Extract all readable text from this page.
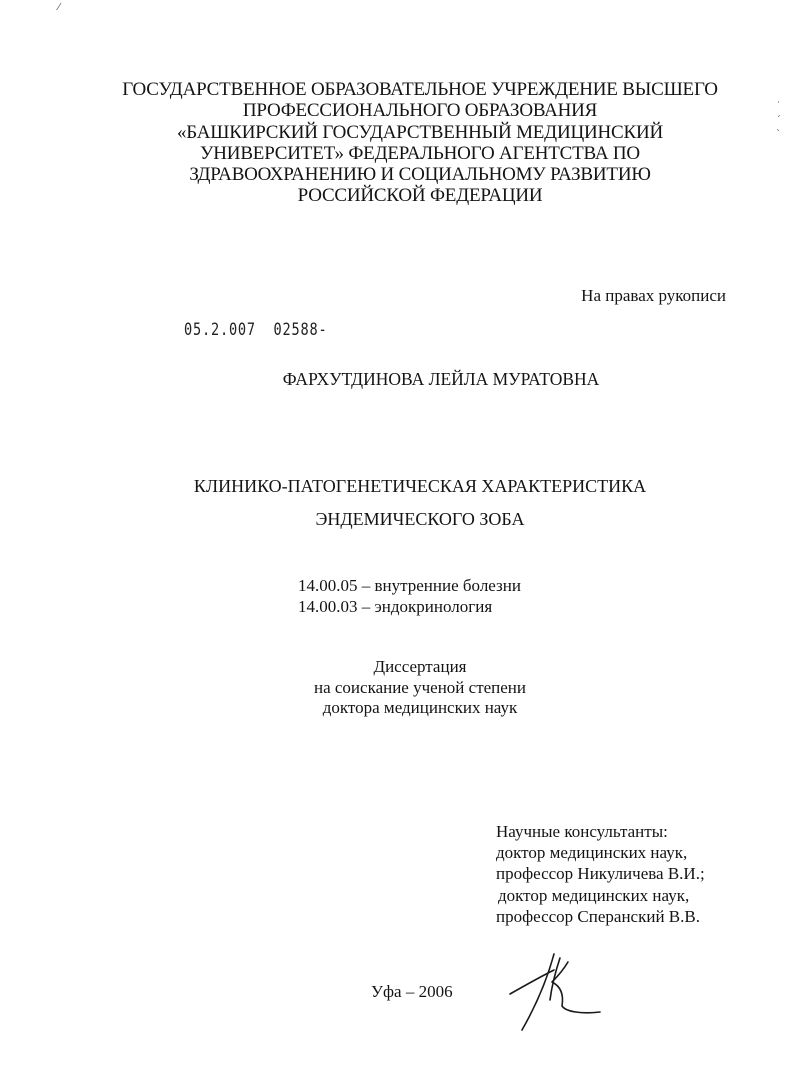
⁄
˙
ˊ
ˋ
ГОСУДАРСТВЕННОЕ ОБРАЗОВАТЕЛЬНОЕ УЧРЕЖДЕНИЕ ВЫСШЕГО
ПРОФЕССИОНАЛЬНОГО ОБРАЗОВАНИЯ
«БАШКИРСКИЙ ГОСУДАРСТВЕННЫЙ МЕДИЦИНСКИЙ
УНИВЕРСИТЕТ» ФЕДЕРАЛЬНОГО АГЕНТСТВА ПО
ЗДРАВООХРАНЕНИЮ И СОЦИАЛЬНОМУ РАЗВИТИЮ
РОССИЙСКОЙ ФЕДЕРАЦИИ
На правах рукописи
05.2.007 02588-
ФАРХУТДИНОВА ЛЕЙЛА МУРАТОВНА
КЛИНИКО-ПАТОГЕНЕТИЧЕСКАЯ ХАРАКТЕРИСТИКА
ЭНДЕМИЧЕСКОГО ЗОБА
14.00.05 – внутренние болезни
14.00.03 – эндокринология
Диссертация
на соискание ученой степени
доктора медицинских наук
Научные консультанты:
доктор медицинских наук,
профессор Никуличева В.И.;
доктор медицинских наук,
профессор Сперанский В.В.
Уфа – 2006
